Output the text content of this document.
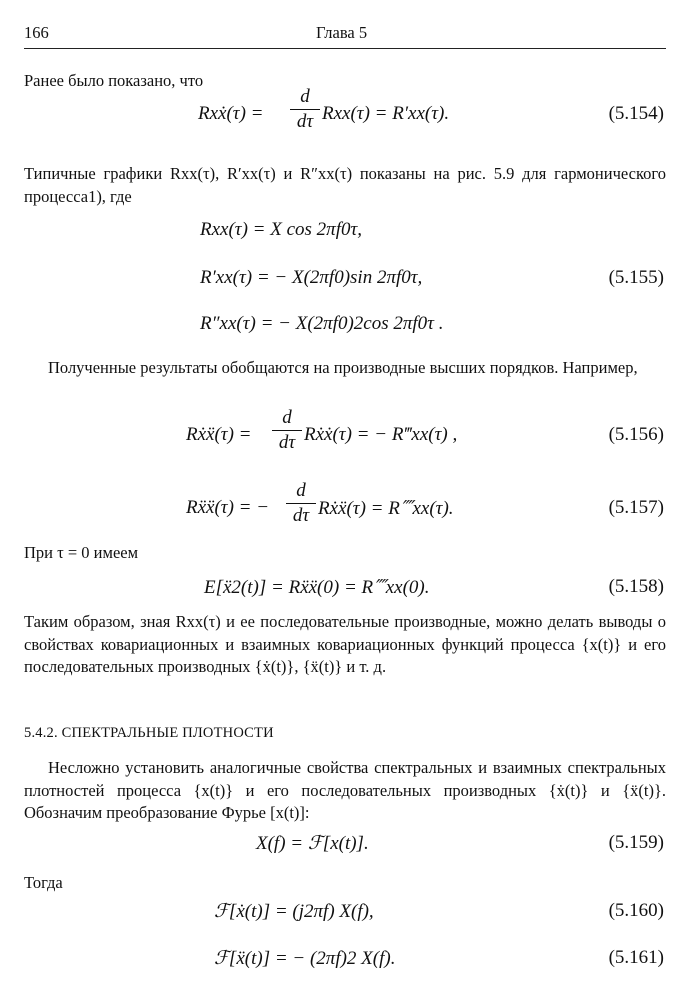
166	Глава 5
Ранее было показано, что
Rxẋ(τ) =
d
dτ Rxx(τ) = R′xx(τ).	(5.154)

Типичные графики Rxx(τ), R′xx(τ) и R″xx(τ) показаны на рис. 5.9 для гармонического процесса1), где

Rxx(τ) = X cos 2πf0τ,
R′xx(τ) = − X(2πf0)sin 2πf0τ,
R″xx(τ) = − X(2πf0)2cos 2πf0τ .
(5.155)

Полученные результаты обобщаются на производные высших порядков. Например,

Rẋẍ(τ) =
d
dτ Rẋẋ(τ) = − R‴xx(τ) ,	(5.156)
Rẍẍ(τ) = −
d
dτ Rẋẍ(τ) = R⁗xx(τ).	(5.157)
При τ = 0 имеем
E[ẍ2(t)] = Rẍẍ(0) = R⁗xx(0).	(5.158)

Таким образом, зная Rxx(τ) и ее последовательные производные, можно делать выводы о свойствах ковариационных и взаимных ковариационных функций процесса {x(t)} и его последовательных производных {ẋ(t)}, {ẍ(t)} и т. д.

5.4.2. СПЕКТРАЛЬНЫЕ ПЛОТНОСТИ

Несложно установить аналогичные свойства спектральных и взаимных спектральных плотностей процесса {x(t)} и его последовательных производных {ẋ(t)} и {ẍ(t)}. Обозначим преобразование Фурье [x(t)]:

X(f) = ℱ[x(t)].	(5.159)
Тогда
ℱ[ẋ(t)] = (j2πf) X(f),	(5.160)
ℱ[ẍ(t)] = − (2πf)2 X(f).	(5.161)
